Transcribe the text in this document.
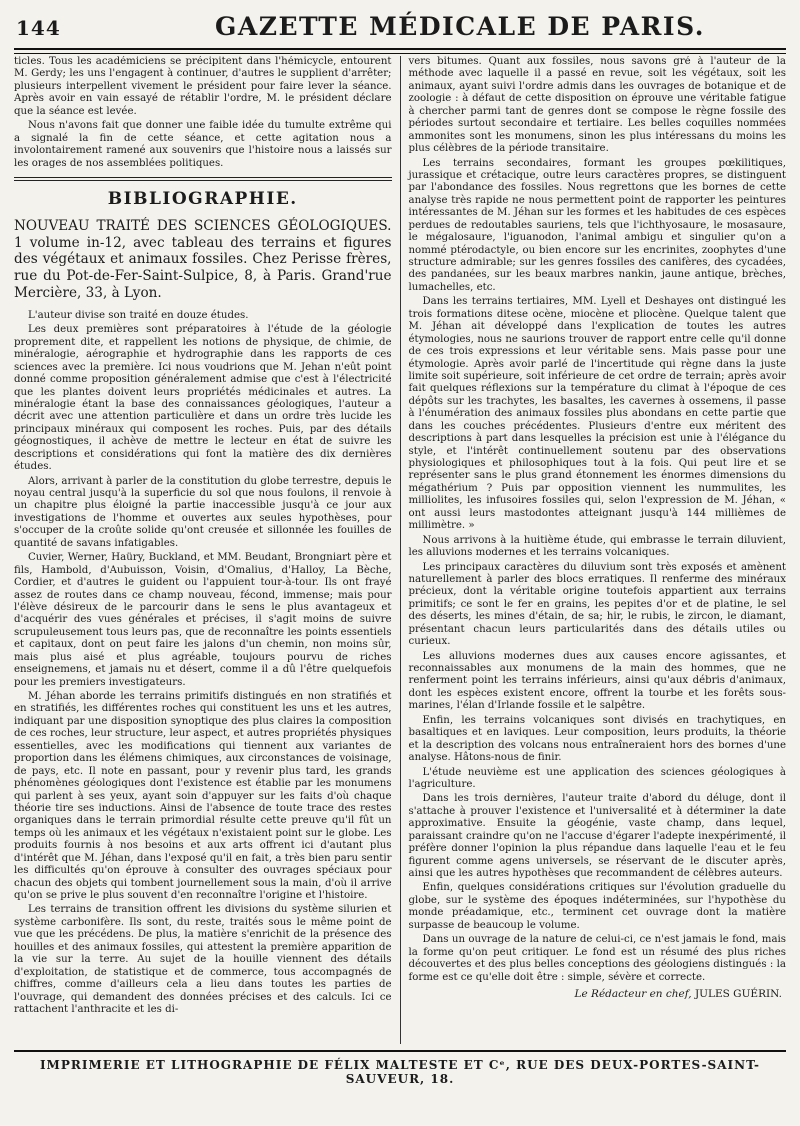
144	GAZETTE MÉDICALE DE PARIS.

ticles. Tous les académiciens se précipitent dans l'hémicycle, entourent M. Gerdy; les uns l'engagent à continuer, d'autres le supplient d'arrêter; plusieurs interpellent vivement le président pour faire lever la séance. Après avoir en vain essayé de rétablir l'ordre, M. le président déclare que la séance est levée.

Nous n'avons fait que donner une faible idée du tumulte extrême qui a signalé la fin de cette séance, et cette agitation nous a involontairement ramené aux souvenirs que l'histoire nous a laissés sur les orages de nos assemblées politiques.

BIBLIOGRAPHIE.
NOUVEAU TRAITÉ DES SCIENCES GÉOLOGIQUES. 1 volume in-12, avec tableau des terrains et figures des végétaux et animaux fossiles. Chez Perisse frères, rue du Pot-de-Fer-Saint-Sulpice, 8, à Paris. Grand'rue Mercière, 33, à Lyon.

L'auteur divise son traité en douze études.

Les deux premières sont préparatoires à l'étude de la géologie proprement dite, et rappellent les notions de physique, de chimie, de minéralogie, aérographie et hydrographie dans les rapports de ces sciences avec la première. Ici nous voudrions que M. Jehan n'eût point donné comme proposition généralement admise que c'est à l'électricité que les plantes doivent leurs propriétés médicinales et autres. La minéralogie étant la base des connaissances géologiques, l'auteur a décrit avec une attention particulière et dans un ordre très lucide les principaux minéraux qui composent les roches. Puis, par des détails géognostiques, il achève de mettre le lecteur en état de suivre les descriptions et considérations qui font la matière des dix dernières études.

Alors, arrivant à parler de la constitution du globe terrestre, depuis le noyau central jusqu'à la superficie du sol que nous foulons, il renvoie à un chapitre plus éloigné la partie inaccessible jusqu'à ce jour aux investigations de l'homme et ouvertes aux seules hypothèses, pour s'occuper de la croûte solide qu'ont creusée et sillonnée les fouilles de quantité de savans infatigables.

Cuvier, Werner, Haüry, Buckland, et MM. Beudant, Brongniart père et fils, Hambold, d'Aubuisson, Voisin, d'Omalius, d'Halloy, La Bèche, Cordier, et d'autres le guident ou l'appuient tour-à-tour. Ils ont frayé assez de routes dans ce champ nouveau, fécond, immense; mais pour l'élève désireux de le parcourir dans le sens le plus avantageux et d'acquérir des vues générales et précises, il s'agit moins de suivre scrupuleusement tous leurs pas, que de reconnaître les points essentiels et capitaux, dont on peut faire les jalons d'un chemin, non moins sûr, mais plus aisé et plus agréable, toujours pourvu de riches enseignemens, et jamais nu et désert, comme il a dû l'être quelquefois pour les premiers investigateurs.

M. Jéhan aborde les terrains primitifs distingués en non stratifiés et en stratifiés, les différentes roches qui constituent les uns et les autres, indiquant par une disposition synoptique des plus claires la composition de ces roches, leur structure, leur aspect, et autres propriétés physiques essentielles, avec les modifications qui tiennent aux variantes de proportion dans les élémens chimiques, aux circonstances de voisinage, de pays, etc. Il note en passant, pour y revenir plus tard, les grands phénomènes géologiques dont l'existence est établie par les monumens qui parlent à ses yeux, ayant soin d'appuyer sur les faits d'où chaque théorie tire ses inductions. Ainsi de l'absence de toute trace des restes organiques dans le terrain primordial résulte cette preuve qu'il fût un temps où les animaux et les végétaux n'existaient point sur le globe. Les produits fournis à nos besoins et aux arts offrent ici d'autant plus d'intérêt que M. Jéhan, dans l'exposé qu'il en fait, a très bien paru sentir les difficultés qu'on éprouve à consulter des ouvrages spéciaux pour chacun des objets qui tombent journellement sous la main, d'où il arrive qu'on se prive le plus souvent d'en reconnaître l'origine et l'histoire.

Les terrains de transition offrent les divisions du système silurien et système carbonifère. Ils sont, du reste, traités sous le même point de vue que les précédens. De plus, la matière s'enrichit de la présence des houilles et des animaux fossiles, qui attestent la première apparition de la vie sur la terre. Au sujet de la houille viennent des détails d'exploitation, de statistique et de commerce, tous accompagnés de chiffres, comme d'ailleurs cela a lieu dans toutes les parties de l'ouvrage, qui demandent des données précises et des calculs. Ici ce rattachent l'anthracite et les di-

vers bitumes. Quant aux fossiles, nous savons gré à l'auteur de la méthode avec laquelle il a passé en revue, soit les végétaux, soit les animaux, ayant suivi l'ordre admis dans les ouvrages de botanique et de zoologie : à défaut de cette disposition on éprouve une véritable fatigue à chercher parmi tant de genres dont se compose le règne fossile des périodes surtout secondaire et tertiaire. Les belles coquilles nommées ammonites sont les monumens, sinon les plus intéressans du moins les plus célèbres de la période transitaire.

Les terrains secondaires, formant les groupes pœkilitiques, jurassique et crétacique, outre leurs caractères propres, se distinguent par l'abondance des fossiles. Nous regrettons que les bornes de cette analyse très rapide ne nous permettent point de rapporter les peintures intéressantes de M. Jéhan sur les formes et les habitudes de ces espèces perdues de redoutables sauriens, tels que l'ichthyosaure, le mosasaure, le mégalosaure, l'iguanodon, l'animal ambigu et singulier qu'on a nommé ptérodactyle, ou bien encore sur les encrinites, zoophytes d'une structure admirable; sur les genres fossiles des canifères, des cycadées, des pandanées, sur les beaux marbres nankin, jaune antique, brèches, lumachelles, etc.

Dans les terrains tertiaires, MM. Lyell et Deshayes ont distingué les trois formations ditese ocène, miocène et pliocène. Quelque talent que M. Jéhan ait développé dans l'explication de toutes les autres étymologies, nous ne saurions trouver de rapport entre celle qu'il donne de ces trois expressions et leur véritable sens. Mais passe pour une étymologie. Après avoir parlé de l'incertitude qui règne dans la juste limite soit supérieure, soit inférieure de cet ordre de terrain; après avoir fait quelques réflexions sur la température du climat à l'époque de ces dépôts sur les trachytes, les basaltes, les cavernes à ossemens, il passe à l'énumération des animaux fossiles plus abondans en cette partie que dans les couches précédentes. Plusieurs d'entre eux méritent des descriptions à part dans lesquelles la précision est unie à l'élégance du style, et l'intérêt continuellement soutenu par des observations physiologiques et philosophiques tout à la fois. Qui peut lire et se représenter sans le plus grand étonnement les énormes dimensions du mégathérium ? Puis par opposition viennent les nummulites, les milliolites, les infusoires fossiles qui, selon l'expression de M. Jéhan, « ont aussi leurs mastodontes atteignant jusqu'à 144 millièmes de millimètre. »

Nous arrivons à la huitième étude, qui embrasse le terrain diluvient, les alluvions modernes et les terrains volcaniques.

Les principaux caractères du diluvium sont très exposés et amènent naturellement à parler des blocs erratiques. Il renferme des minéraux précieux, dont la véritable origine toutefois appartient aux terrains primitifs; ce sont le fer en grains, les pepites d'or et de platine, le sel des déserts, les mines d'étain, de sa; hir, le rubis, le zircon, le diamant, présentant chacun leurs particularités dans des détails utiles ou curieux.

Les alluvions modernes dues aux causes encore agissantes, et reconnaissables aux monumens de la main des hommes, que ne renferment point les terrains inférieurs, ainsi qu'aux débris d'animaux, dont les espèces existent encore, offrent la tourbe et les forêts sous-marines, l'élan d'Irlande fossile et le salpêtre.

Enfin, les terrains volcaniques sont divisés en trachytiques, en basaltiques et en laviques. Leur composition, leurs produits, la théorie et la description des volcans nous entraîneraient hors des bornes d'une analyse. Hâtons-nous de finir.

L'étude neuvième est une application des sciences géologiques à l'agriculture.

Dans les trois dernières, l'auteur traite d'abord du déluge, dont il s'attache à prouver l'existence et l'universalité et à déterminer la date approximative. Ensuite la géogénie, vaste champ, dans lequel, paraissant craindre qu'on ne l'accuse d'égarer l'adepte inexpérimenté, il préfère donner l'opinion la plus répandue dans laquelle l'eau et le feu figurent comme agens universels, se réservant de le discuter après, ainsi que les autres hypothèses que recommandent de célèbres auteurs.

Enfin, quelques considérations critiques sur l'évolution graduelle du globe, sur le système des époques indéterminées, sur l'hypothèse du monde préadamique, etc., terminent cet ouvrage dont la matière surpasse de beaucoup le volume.

Dans un ouvrage de la nature de celui-ci, ce n'est jamais le fond, mais la forme qu'on peut critiquer. Le fond est un résumé des plus riches découvertes et des plus belles conceptions des géologiens distingués : la forme est ce qu'elle doit être : simple, sévère et correcte.

Le Rédacteur en chef, JULES GUÉRIN.
IMPRIMERIE ET LITHOGRAPHIE DE FÉLIX MALTESTE ET Cᵉ, RUE DES DEUX-PORTES-SAINT-SAUVEUR, 18.
